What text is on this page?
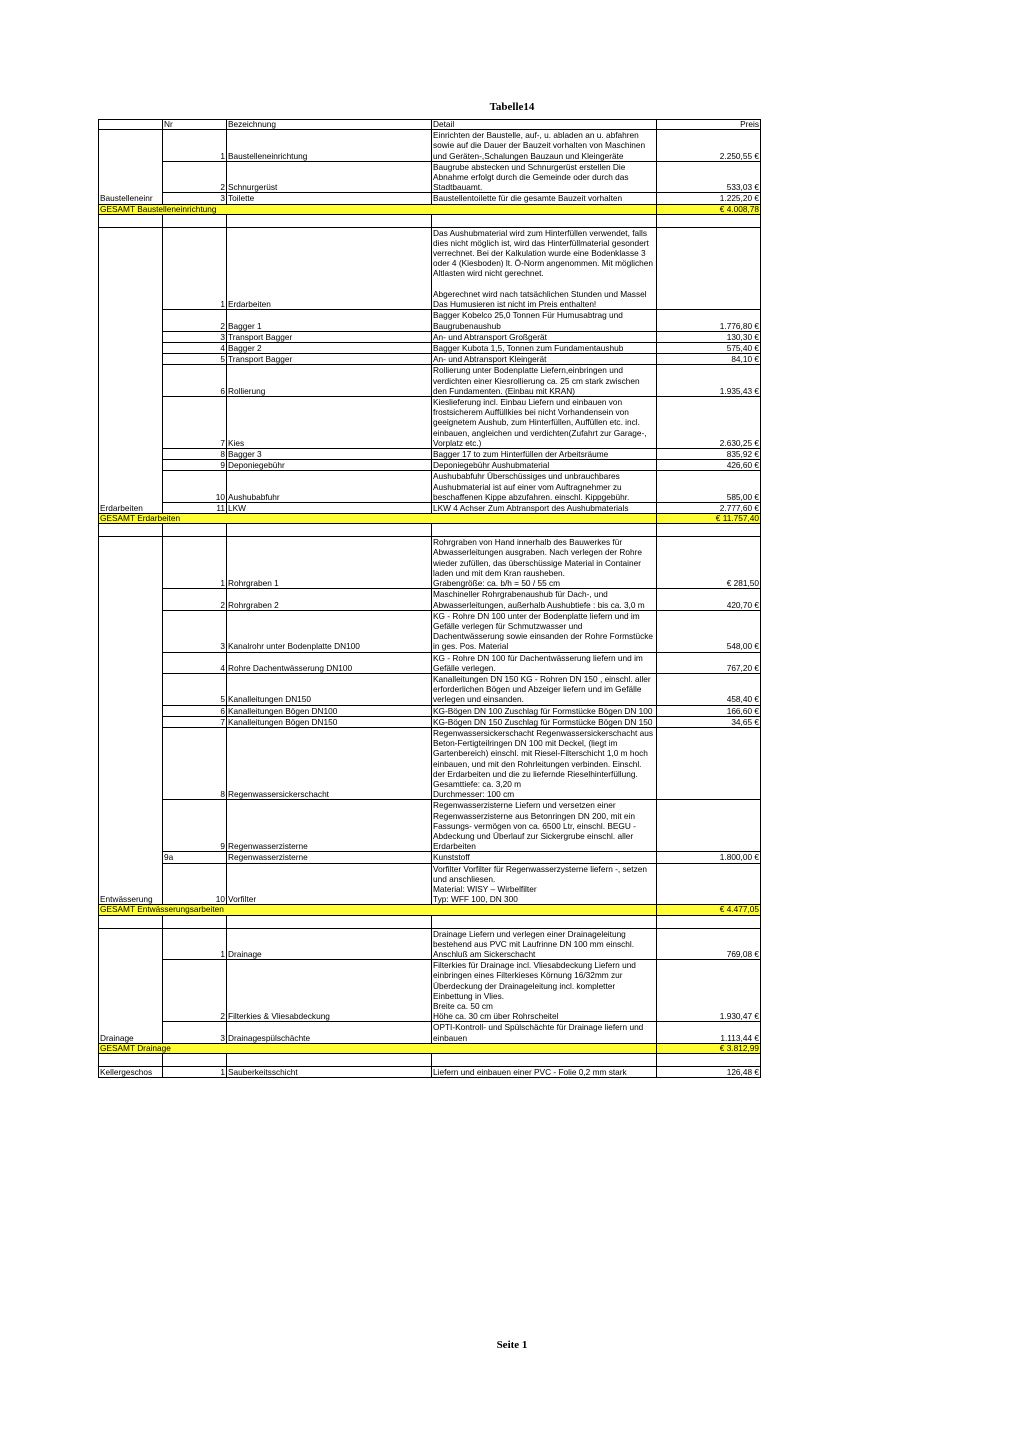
Tabelle14
	Nr	Bezeichnung	Detail	Preis
Baustelleneinr	1	Baustelleneinrichtung	Einrichten der Baustelle, auf-, u. abladen an u. abfahren sowie auf die Dauer der Bauzeit vorhalten von Maschinen und Geräten-,Schalungen Bauzaun und Kleingeräte	2.250,55 €
	2	Schnurgerüst	Baugrube abstecken und Schnurgerüst erstellen Die Abnahme erfolgt durch die Gemeinde oder durch das Stadtbauamt.	533,03 €
	3	Toilette	Baustellentoilette für die gesamte Bauzeit vorhalten	1.225,20 €
GESAMT Baustelleneinrichtung				€ 4.008,78

Erdarbeiten	1	Erdarbeiten	Das Aushubmaterial wird zum Hinterfüllen verwendet, falls dies nicht möglich ist, wird das Hinterfüllmaterial gesondert verrechnet. Bei der Kalkulation wurde eine Bodenklasse 3 oder 4 (Kiesboden) lt. Ö-Norm angenommen. Mit möglichen Altlasten wird nicht gerechnet.

Abgerechnet wird nach tatsächlichen Stunden und Massel
Das Humusieren ist nicht im Preis enthalten!	
	2	Bagger 1	Bagger Kobelco 25,0 Tonnen Für Humusabtrag und Baugrubenaushub	1.776,80 €
	3	Transport Bagger	An- und Abtransport Großgerät	130,30 €
	4	Bagger 2	Bagger Kubota 1,5, Tonnen zum Fundamentaushub	575,40 €
	5	Transport Bagger	An- und Abtransport Kleingerät	84,10 €
	6	Rollierung	Rollierung unter Bodenplatte Liefern,einbringen und verdichten einer Kiesrollierung ca. 25 cm stark zwischen den Fundamenten. (Einbau mit KRAN)	1.935,43 €
	7	Kies	Kieslieferung incl. Einbau Liefern und einbauen von frostsicherem Auffüllkies bei nicht Vorhandensein von geeignetem Aushub, zum Hinterfüllen, Auffüllen etc. incl. einbauen, angleichen und verdichten(Zufahrt zur Garage-, Vorplatz etc.)	2.630,25 €
	8	Bagger 3	Bagger 17 to zum Hinterfüllen der Arbeitsräume	835,92 €
	9	Deponiegebühr	Deponiegebühr Aushubmaterial	426,60 €
	10	Aushubabfuhr	Aushubabfuhr Überschüssiges und unbrauchbares Aushubmaterial ist auf einer vom Auftragnehmer zu beschaffenen Kippe abzufahren. einschl. Kippgebühr.	585,00 €
	11	LKW	LKW 4 Achser Zum Abtransport des Aushubmaterials	2.777,60 €
GESAMT Erdarbeiten				€ 11.757,40

Entwässerung	1	Rohrgraben 1	Rohrgraben von Hand innerhalb des Bauwerkes für Abwasserleitungen ausgraben. Nach verlegen der Rohre wieder zufüllen, das überschüssige Material in Container laden und mit dem Kran rausheben.
Grabengröße: ca. b/h = 50 / 55 cm	€ 281,50
	2	Rohrgraben 2	Maschineller Rohrgrabenaushub für Dach-, und Abwasserleitungen, außerhalb Aushubtiefe : bis ca. 3,0 m	420,70 €
	3	Kanalrohr unter Bodenplatte DN100	KG - Rohre DN 100 unter der Bodenplatte liefern und im Gefälle verlegen für Schmutzwasser und Dachentwässerung sowie einsanden der Rohre Formstücke in ges. Pos. Material	548,00 €
	4	Rohre Dachentwässerung DN100	KG - Rohre DN 100 für Dachentwässerung liefern und im Gefälle verlegen.	767,20 €
	5	Kanalleitungen DN150	Kanalleitungen DN 150 KG - Rohren DN 150 , einschl. aller erforderlichen Bögen und Abzeiger liefern und im Gefälle verlegen und einsanden.	458,40 €
	6	Kanalleitungen Bögen DN100	KG-Bögen DN 100 Zuschlag für Formstücke Bögen DN 100	166,60 €
	7	Kanalleitungen Bögen DN150	KG-Bögen DN 150 Zuschlag für Formstücke Bögen DN 150	34,65 €
	8	Regenwassersickerschacht	Regenwassersickerschacht Regenwassersickerschacht aus Beton-Fertigteilringen DN 100 mit Deckel, (liegt im Gartenbereich) einschl. mit Riesel-Filterschicht 1,0 m hoch einbauen, und mit den Rohrleitungen verbinden. Einschl. der Erdarbeiten und die zu liefernde Rieselhinterfüllung.
Gesamttiefe: ca. 3,20 m
Durchmesser: 100 cm	
	9	Regenwasserzisterne	Regenwasserzisterne Liefern und versetzen einer Regenwasserzisterne aus Betonringen DN 200, mit ein Fassungs- vermögen von ca. 6500 Ltr, einschl. BEGU - Abdeckung und Überlauf zur Sickergrube einschl. aller Erdarbeiten	
	9a	Regenwasserzisterne	Kunststoff	1.800,00 €
	10	Vorfilter	Vorfilter Vorfilter für Regenwasserzysterne liefern -, setzen und anschliesen.
Material: WISY – Wirbelfilter
Typ: WFF 100, DN 300	
GESAMT Entwässerungsarbeiten				€ 4.477,05

Drainage	1	Drainage	Drainage Liefern und verlegen einer Drainageleitung bestehend aus PVC mit Laufrinne DN 100 mm einschl. Anschluß am Sickerschacht	769,08 €
	2	Filterkies & Vliesabdeckung	Filterkies für Drainage incl. Vliesabdeckung Liefern und einbringen eines Filterkieses Körnung 16/32mm zur Überdeckung der Drainageleitung incl. kompletter Einbettung in Vlies.
Breite ca. 50 cm
Höhe ca. 30 cm über Rohrscheitel	1.930,47 €
	3	Drainagespülschächte	OPTI-Kontroll- und Spülschächte für Drainage liefern und einbauen	1.113,44 €
GESAMT Drainage				€ 3.812,99

Kellergeschos	1	Sauberkeitsschicht	Liefern und einbauen einer PVC - Folie 0,2 mm stark	126,48 €
Seite 1
